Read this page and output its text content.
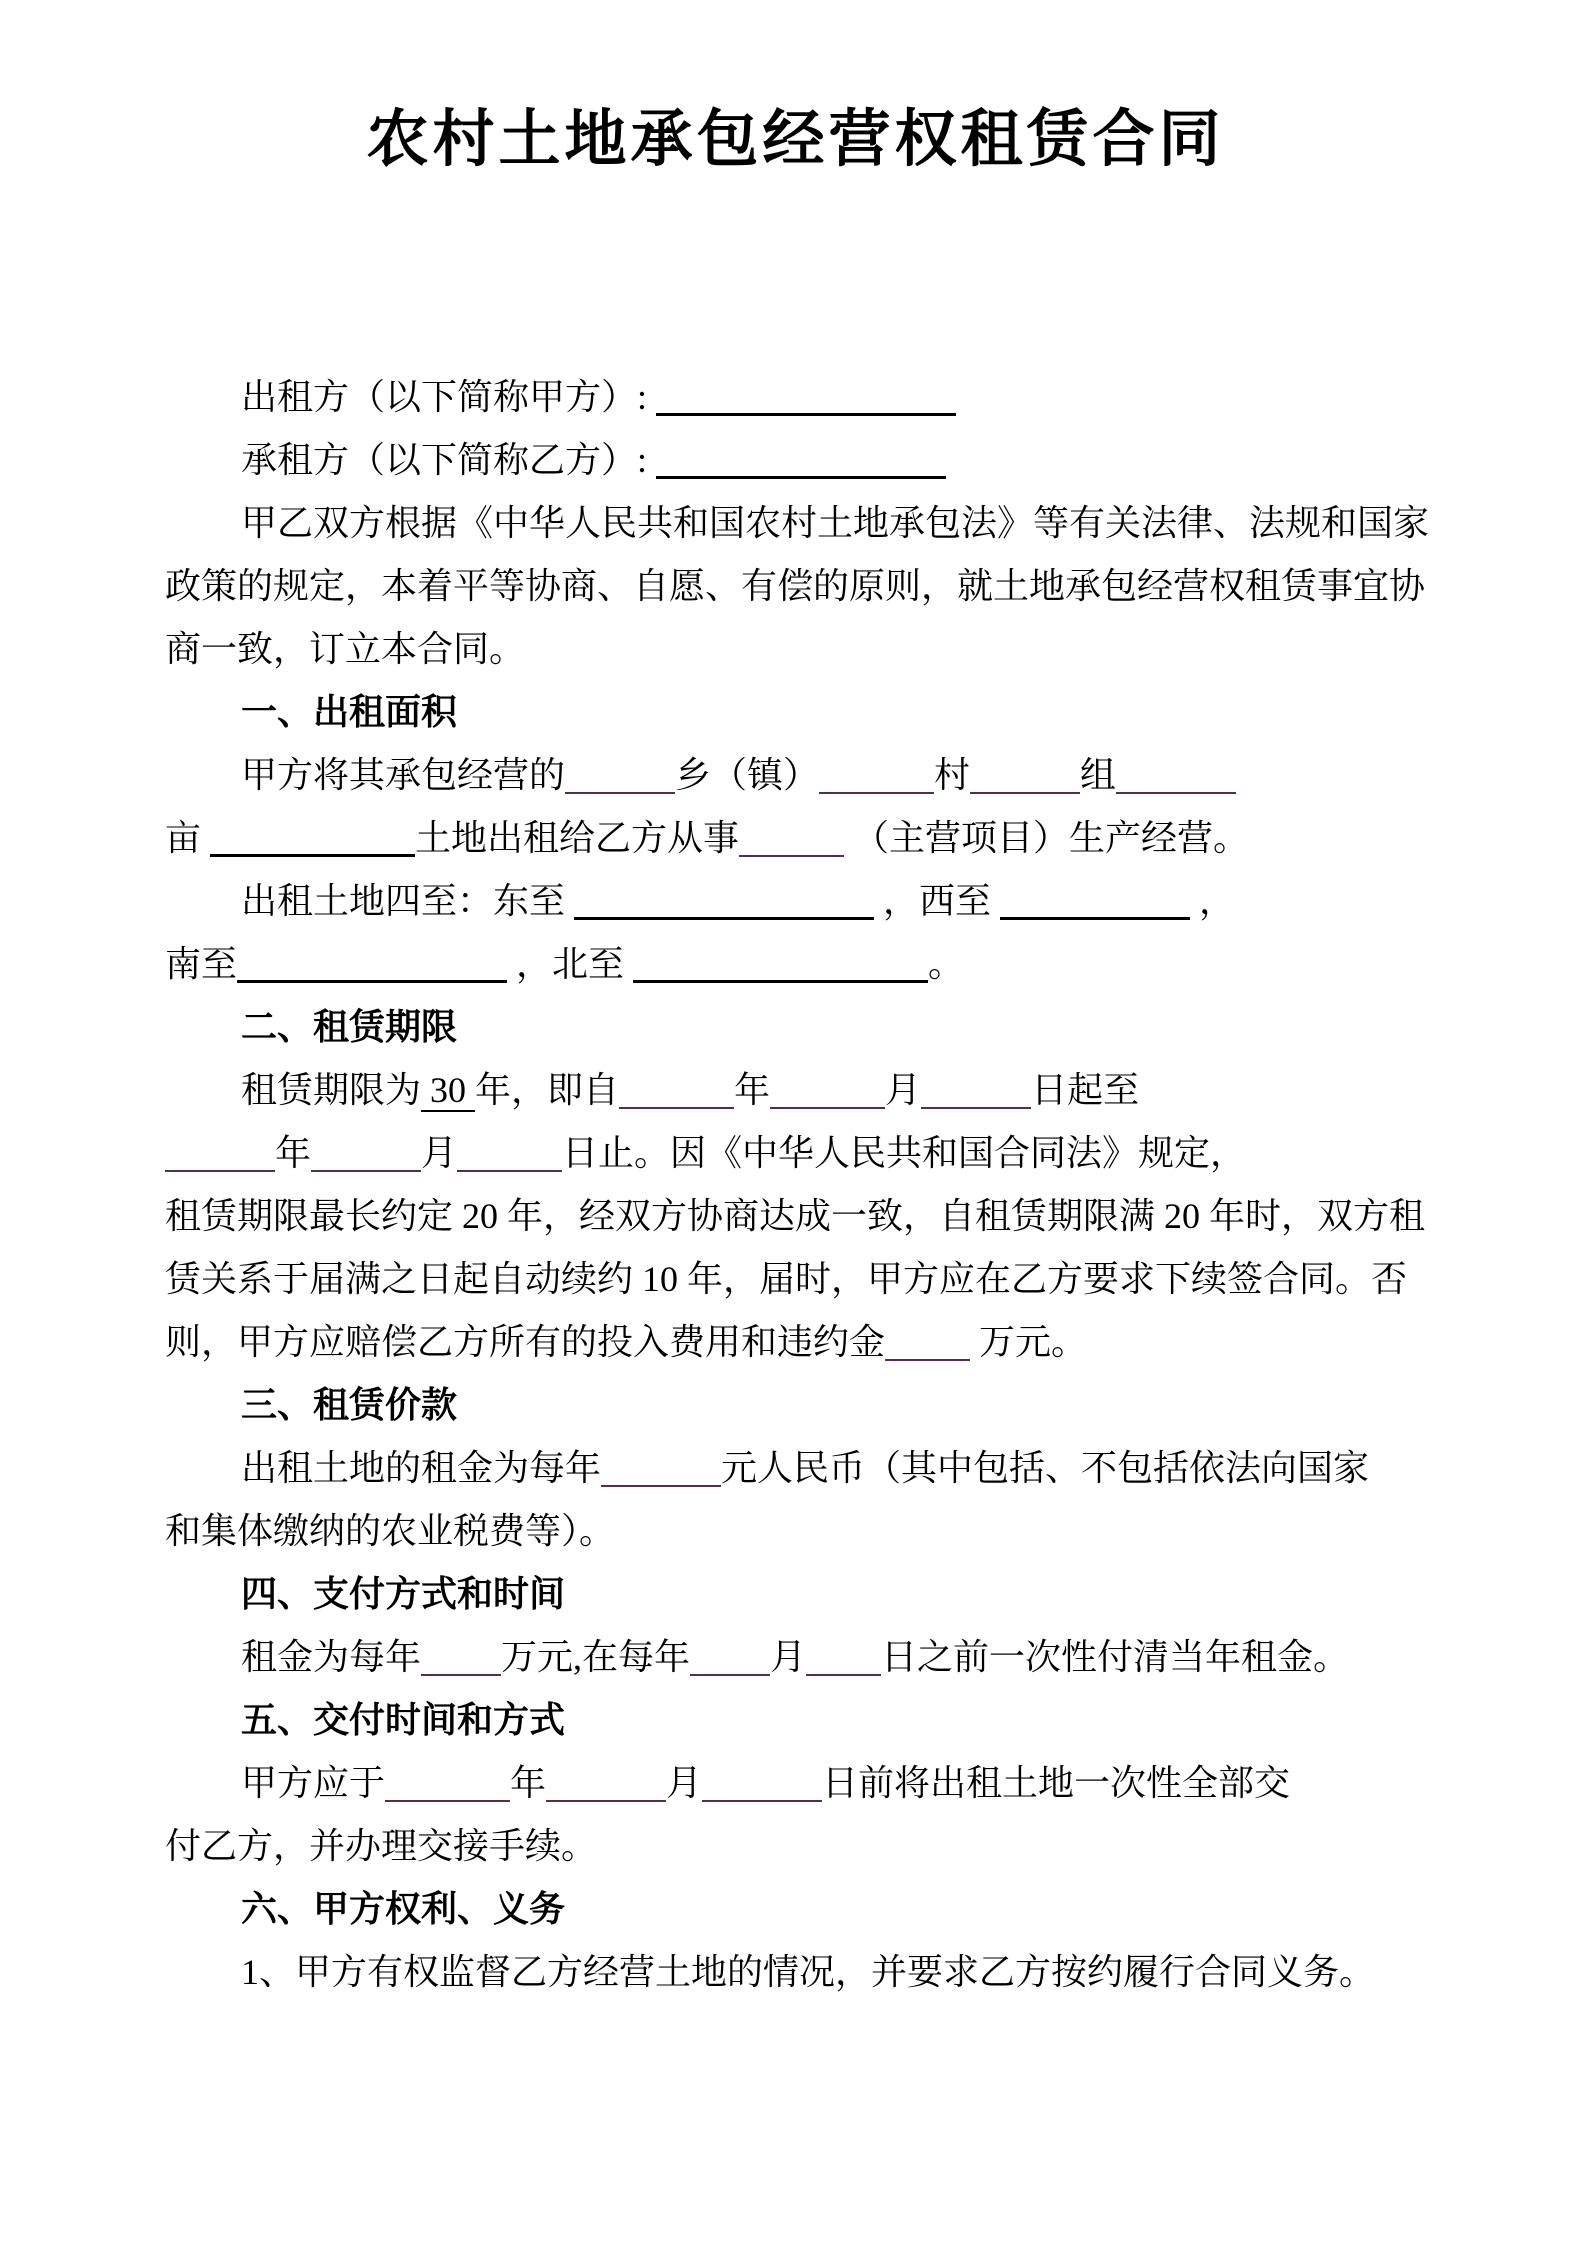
农村土地承包经营权租赁合同
出租方（以下简称甲方）:
承租方（以下简称乙方）:
甲乙双方根据《中华人民共和国农村土地承包法》等有关法律、法规和国家
政策的规定，本着平等协商、自愿、有偿的原则，就土地承包经营权租赁事宜协
商一致，订立本合同。
一、出租面积
甲方将其承包经营的	乡（镇）	村	组
亩	土地出租给乙方从事	（主营项目）生产经营。
出租土地四至：东至	，西至	，
南至	，北至	。
二、租赁期限
租赁期限为 30 年，即自	年	月	日起至
年	月	日止。因《中华人民共和国合同法》规定，
租赁期限最长约定 20 年，经双方协商达成一致，自租赁期限满 20 年时，双方租
赁关系于届满之日起自动续约 10 年，届时，甲方应在乙方要求下续签合同。否
则，甲方应赔偿乙方所有的投入费用和违约金 万元。
三、租赁价款
出租土地的租金为每年	元人民币（其中包括、不包括依法向国家
和集体缴纳的农业税费等）。
四、支付方式和时间
租金为每年 万元,在每年 月 日之前一次性付清当年租金。
五、交付时间和方式
甲方应于	年	月	日前将出租土地一次性全部交
付乙方，并办理交接手续。
六、甲方权利、义务
1、甲方有权监督乙方经营土地的情况，并要求乙方按约履行合同义务。
